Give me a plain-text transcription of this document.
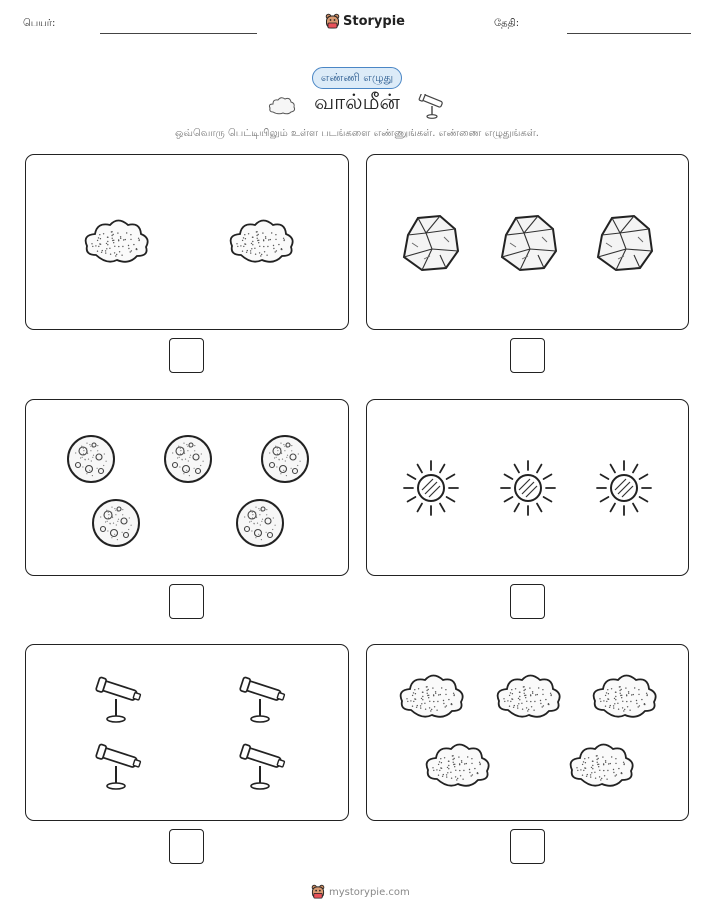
பெயர்:	Storypie	தேதி:
எண்ணி எழுது
வால்மீன்
ஒவ்வொரு பெட்டியிலும் உள்ள படங்களை எண்ணுங்கள். எண்ணை எழுதுங்கள்.
mystorypie.com
